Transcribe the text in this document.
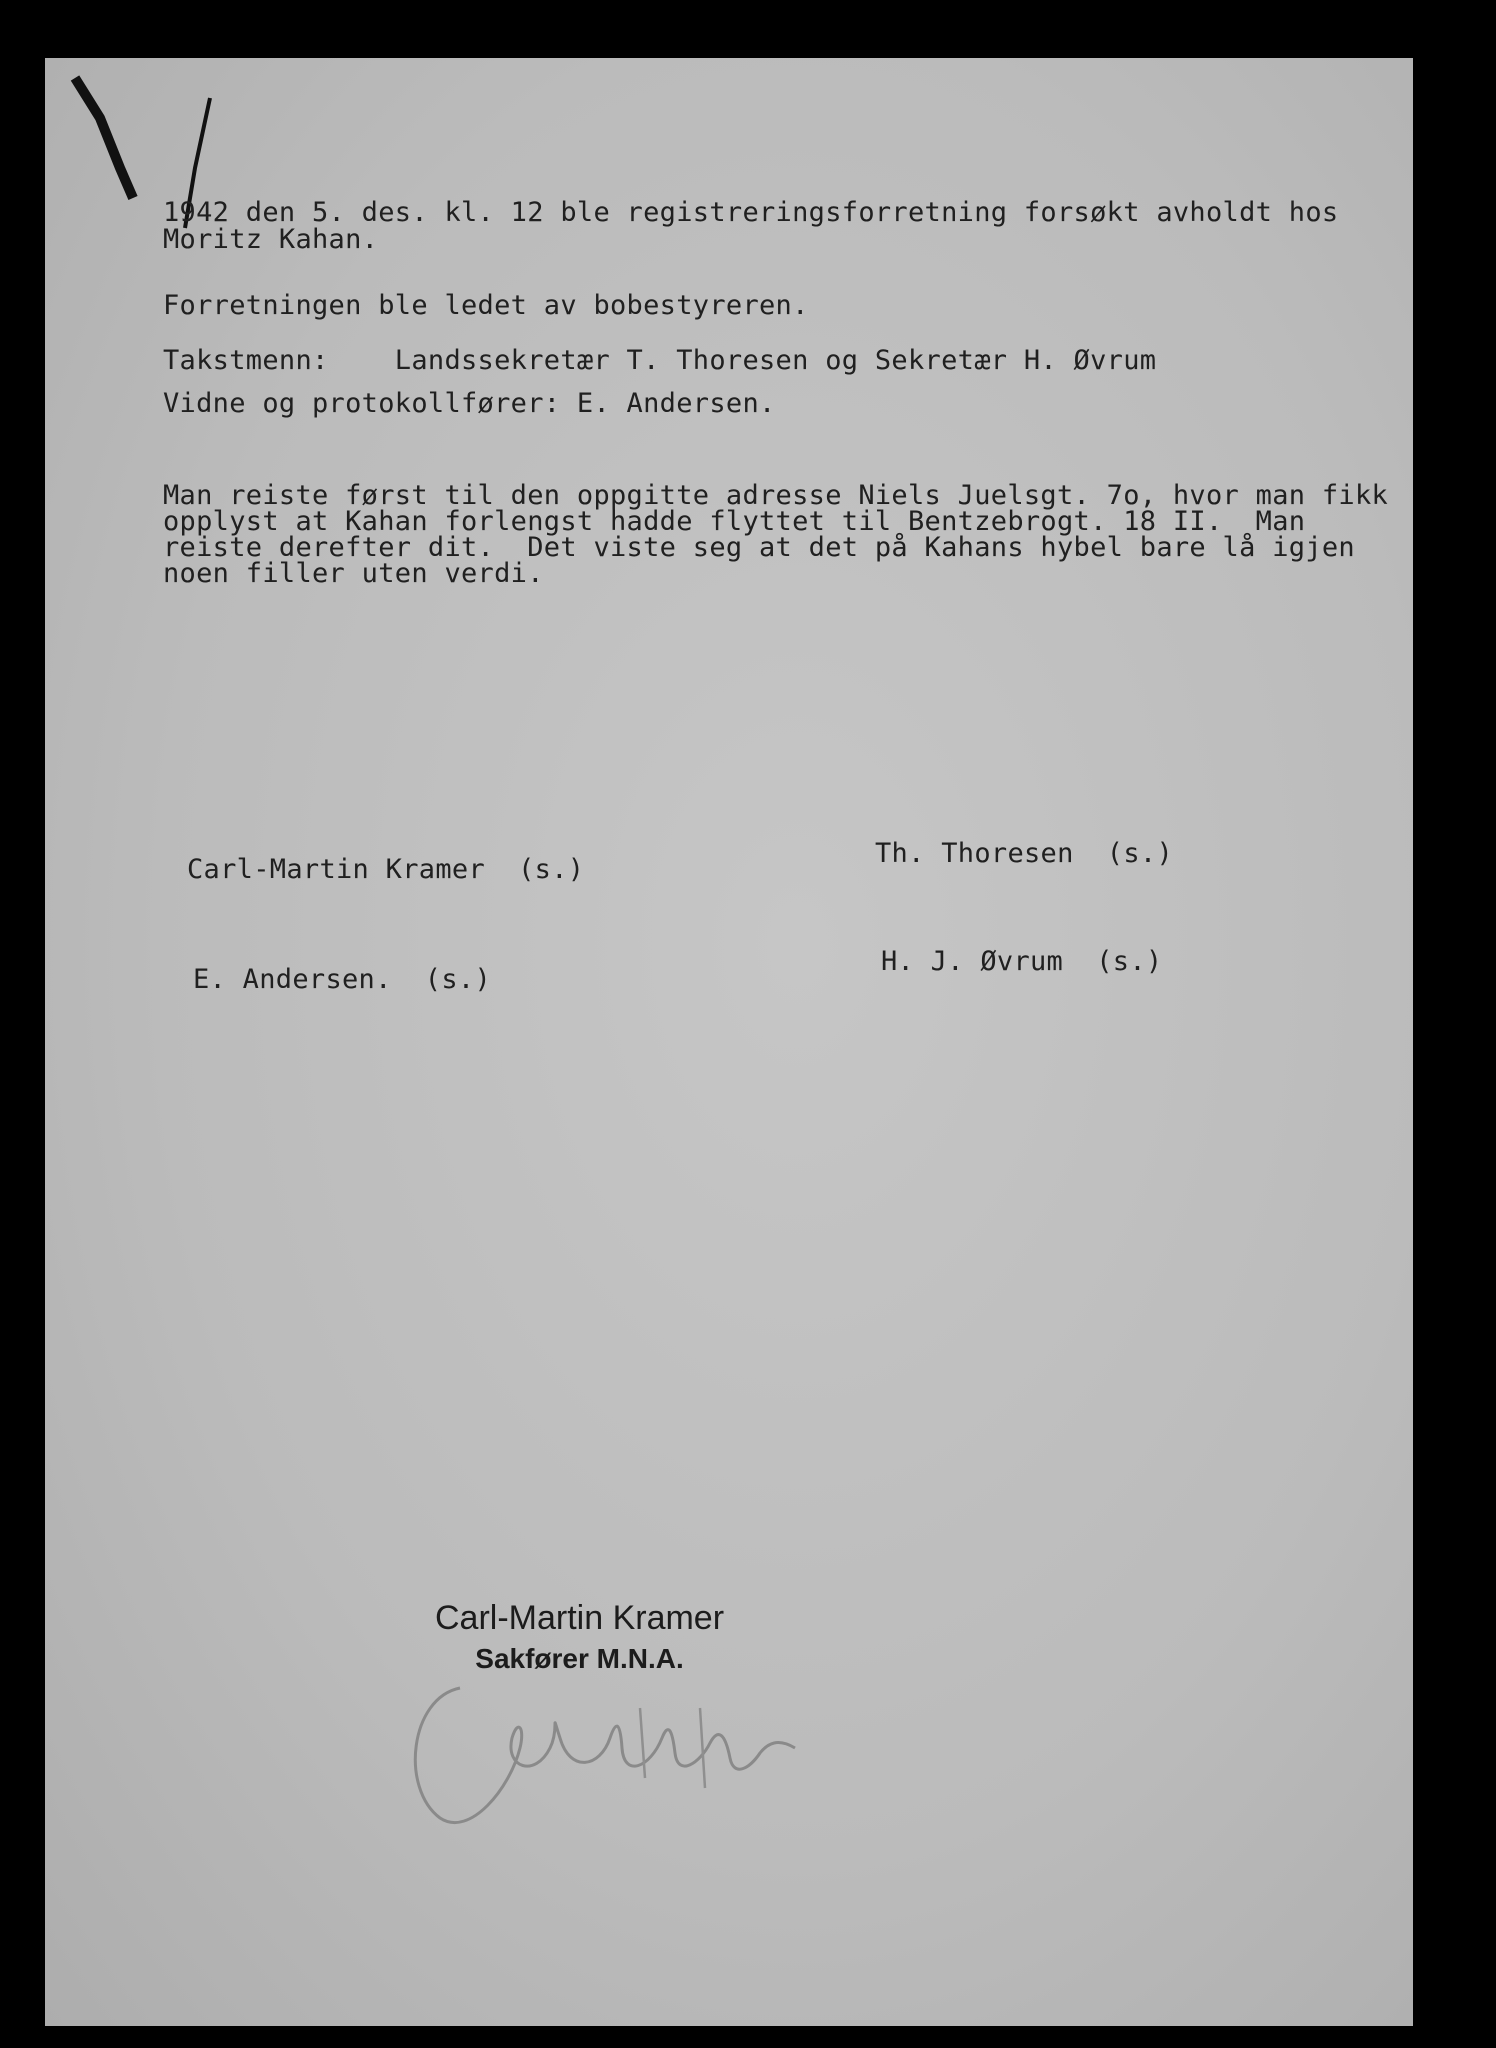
1942 den 5. des. kl. 12 ble registreringsforretning forsøkt avholdt hos

Moritz Kahan.

Forretningen ble ledet av bobestyreren.

Takstmenn:    Landssekretær T. Thoresen og Sekretær H. Øvrum

Vidne og protokollfører: E. Andersen.

Man reiste først til den oppgitte adresse Niels Juelsgt. 7o, hvor man fikk

opplyst at Kahan forlengst hadde flyttet til Bentzebrogt. 18 II.  Man

reiste derefter dit.  Det viste seg at det på Kahans hybel bare lå igjen

noen filler uten verdi.

Carl-Martin Kramer  (s.)

Th. Thoresen  (s.)

E. Andersen.  (s.)

H. J. Øvrum  (s.)

Carl-Martin Kramer
Sakfører M.N.A.
